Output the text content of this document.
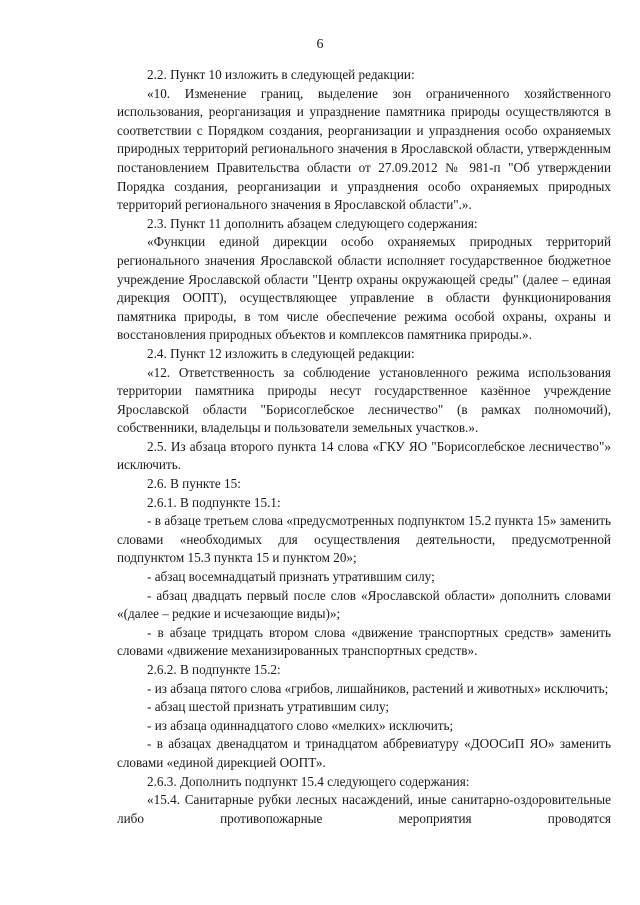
6

2.2. Пункт 10 изложить в следующей редакции:

«10. Изменение границ, выделение зон ограниченного хозяйственного использования, реорганизация и упразднение памятника природы осуществляются в соответствии с Порядком создания, реорганизации и упразднения особо охраняемых природных территорий регионального значения в Ярославской области, утвержденным постановлением Правительства области от 27.09.2012 № 981-п "Об утверждении Порядка создания, реорганизации и упразднения особо охраняемых природных территорий регионального значения в Ярославской области".».

2.3. Пункт 11 дополнить абзацем следующего содержания:

«Функции единой дирекции особо охраняемых природных территорий регионального значения Ярославской области исполняет государственное бюджетное учреждение Ярославской области "Центр охраны окружающей среды" (далее – единая дирекция ООПТ), осуществляющее управление в области функционирования памятника природы, в том числе обеспечение режима особой охраны, охраны и восстановления природных объектов и комплексов памятника природы.».

2.4. Пункт 12 изложить в следующей редакции:

«12. Ответственность за соблюдение установленного режима использования территории памятника природы несут государственное казённое учреждение Ярославской области "Борисоглебское лесничество" (в рамках полномочий), собственники, владельцы и пользователи земельных участков.».

2.5. Из абзаца второго пункта 14 слова «ГКУ ЯО "Борисоглебское лесничество"» исключить.

2.6. В пункте 15:

2.6.1. В подпункте 15.1:

- в абзаце третьем слова «предусмотренных подпунктом 15.2 пункта 15» заменить словами «необходимых для осуществления деятельности, предусмотренной подпунктом 15.3 пункта 15 и пунктом 20»;

- абзац восемнадцатый признать утратившим силу;

- абзац двадцать первый после слов «Ярославской области» дополнить словами «(далее – редкие и исчезающие виды)»;

- в абзаце тридцать втором слова «движение транспортных средств» заменить словами «движение механизированных транспортных средств».

2.6.2. В подпункте 15.2:

- из абзаца пятого слова «грибов, лишайников, растений и животных» исключить;

- абзац шестой признать утратившим силу;

- из абзаца одиннадцатого слово «мелких» исключить;

- в абзацах двенадцатом и тринадцатом аббревиатуру «ДООСиП ЯО» заменить словами «единой дирекцией ООПТ».

2.6.3. Дополнить подпункт 15.4 следующего содержания:

«15.4. Санитарные рубки лесных насаждений, иные санитарно-оздоровительные либо противопожарные мероприятия проводятся
